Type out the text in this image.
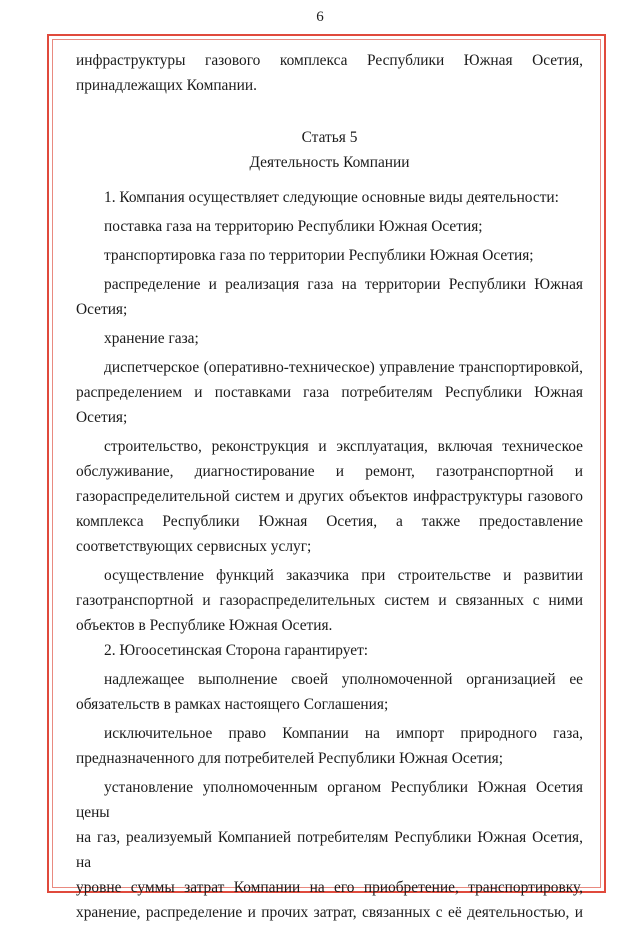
6

инфраструктуры газового комплекса Республики Южная Осетия,

принадлежащих Компании.

Статья 5

Деятельность Компании

1. Компания осуществляет следующие основные виды деятельности:

поставка газа на территорию Республики Южная Осетия;

транспортировка газа по территории Республики Южная Осетия;

распределение и реализация газа на территории Республики Южная

Осетия;

хранение газа;

диспетчерское (оперативно-техническое) управление транспортировкой,

распределением и поставками газа потребителям Республики Южная Осетия;

строительство, реконструкция и эксплуатация, включая техническое

обслуживание, диагностирование и ремонт, газотранспортной и

газораспределительной систем и других объектов инфраструктуры газового

комплекса Республики Южная Осетия, а также предоставление

соответствующих сервисных услуг;

осуществление функций заказчика при строительстве и развитии

газотранспортной и газораспределительных систем и связанных с ними

объектов в Республике Южная Осетия.

2. Югоосетинская Сторона гарантирует:

надлежащее выполнение своей уполномоченной организацией ее

обязательств в рамках настоящего Соглашения;

исключительное право Компании на импорт природного газа,

предназначенного для потребителей Республики Южная Осетия;

установление уполномоченным органом Республики Южная Осетия цены

на газ, реализуемый Компанией потребителям Республики Южная Осетия, на

уровне суммы затрат Компании на его приобретение, транспортировку,

хранение, распределение и прочих затрат, связанных с её деятельностью, и
